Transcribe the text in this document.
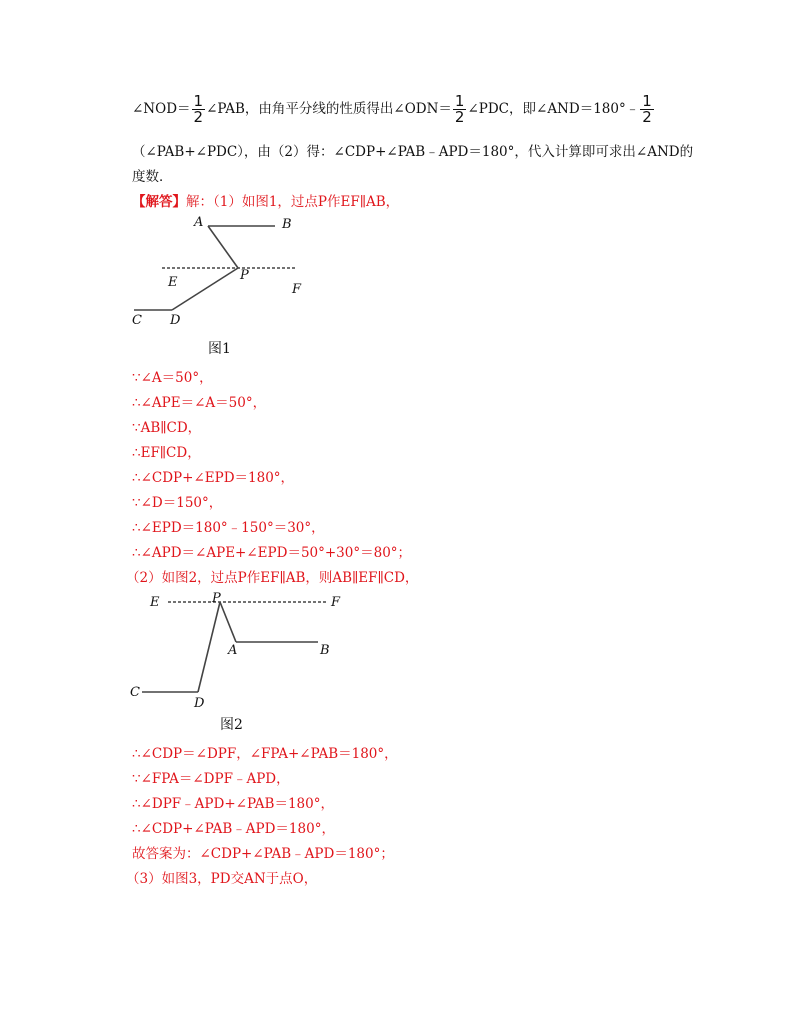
∠NOD＝ $\frac{1}{2}$ ∠PAB，由角平分线的性质得出∠ODN＝ $\frac{1}{2}$ ∠PDC，即∠AND＝180°﹣ $\frac{1}{2}$
（∠PAB+∠PDC），由（2）得：∠CDP+∠PAB﹣APD＝180°，代入计算即可求出∠AND的
度数．
【解答】解：（1）如图1，过点P作EF∥AB，
A	B
P
E	F
C D
图1
∵∠A＝50°，
∴∠APE＝∠A＝50°，
∵AB∥CD，
∴EF∥CD，
∴∠CDP+∠EPD＝180°，
∵∠D＝150°，
∴∠EPD＝180°﹣150°＝30°，
∴∠APD＝∠APE+∠EPD＝50°+30°＝80°；
（2）如图2，过点P作EF∥AB，则AB∥EF∥CD，
E	P	F
A	B
C
D
图2
∴∠CDP＝∠DPF，∠FPA+∠PAB＝180°，
∵∠FPA＝∠DPF﹣APD，
∴∠DPF﹣APD+∠PAB＝180°，
∴∠CDP+∠PAB﹣APD＝180°，
故答案为：∠CDP+∠PAB﹣APD＝180°；
（3）如图3，PD交AN于点O，
